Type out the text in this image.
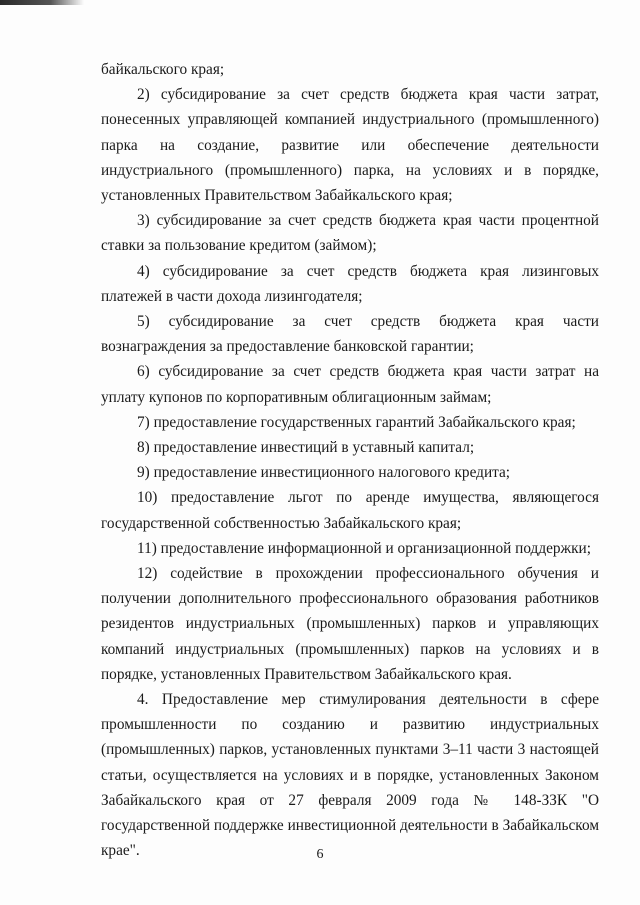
байкальского края;

2) субсидирование за счет средств бюджета края части затрат, понесенных управляющей компанией индустриального (промышленного) парка на создание, развитие или обеспечение деятельности индустриального (промышленного) парка, на условиях и в порядке, установленных Правительством Забайкальского края;

3) субсидирование за счет средств бюджета края части процентной ставки за пользование кредитом (займом);

4) субсидирование за счет средств бюджета края лизинговых платежей в части дохода лизингодателя;

5) субсидирование за счет средств бюджета края части вознаграждения за предоставление банковской гарантии;

6) субсидирование за счет средств бюджета края части затрат на уплату купонов по корпоративным облигационным займам;

7) предоставление государственных гарантий Забайкальского края;

8) предоставление инвестиций в уставный капитал;

9) предоставление инвестиционного налогового кредита;

10) предоставление льгот по аренде имущества, являющегося государственной собственностью Забайкальского края;

11) предоставление информационной и организационной поддержки;

12) содействие в прохождении профессионального обучения и получении дополнительного профессионального образования работников резидентов индустриальных (промышленных) парков и управляющих компаний индустриальных (промышленных) парков на условиях и в порядке, установленных Правительством Забайкальского края.

4. Предоставление мер стимулирования деятельности в сфере промышленности по созданию и развитию индустриальных (промышленных) парков, установленных пунктами 3–11 части 3 настоящей статьи, осуществляется на условиях и в порядке, установленных Законом Забайкальского края от 27 февраля 2009 года № 148-ЗЗК "О государственной поддержке инвестиционной деятельности в Забайкальском крае".	6
